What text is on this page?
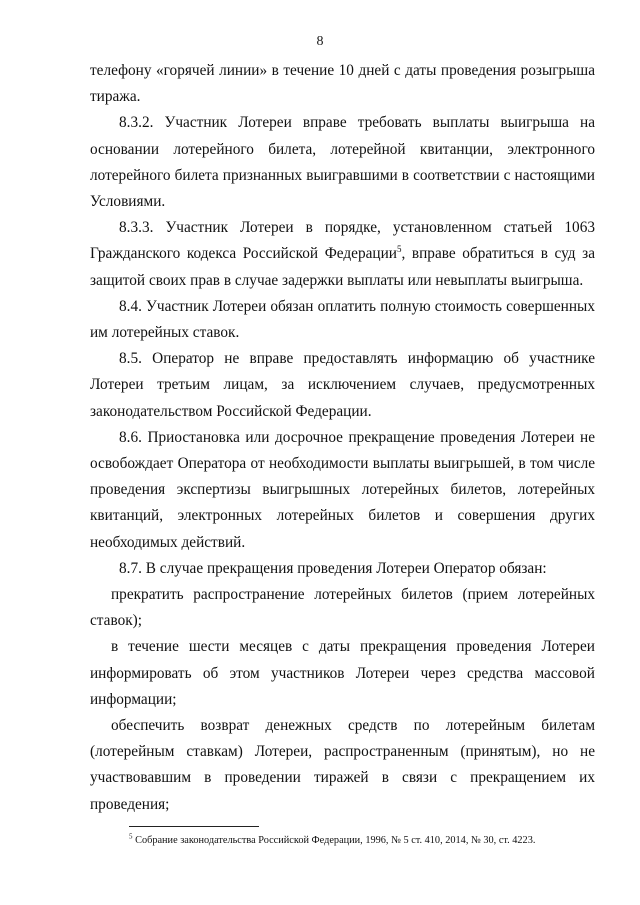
8

телефону «горячей линии» в течение 10 дней с даты проведения розыгрыша тиража.

8.3.2. Участник Лотереи вправе требовать выплаты выигрыша на основании лотерейного билета, лотерейной квитанции, электронного лотерейного билета признанных выигравшими в соответствии с настоящими Условиями.

8.3.3. Участник Лотереи в порядке, установленном статьей 1063 Гражданского кодекса Российской Федерации$^5$, вправе обратиться в суд за защитой своих прав в случае задержки выплаты или невыплаты выигрыша.

8.4. Участник Лотереи обязан оплатить полную стоимость совершенных им лотерейных ставок.

8.5. Оператор не вправе предоставлять информацию об участнике Лотереи третьим лицам, за исключением случаев, предусмотренных законодательством Российской Федерации.

8.6. Приостановка или досрочное прекращение проведения Лотереи не освобождает Оператора от необходимости выплаты выигрышей, в том числе проведения экспертизы выигрышных лотерейных билетов, лотерейных квитанций, электронных лотерейных билетов и совершения других необходимых действий.

8.7. В случае прекращения проведения Лотереи Оператор обязан:

прекратить распространение лотерейных билетов (прием лотерейных ставок);

в течение шести месяцев с даты прекращения проведения Лотереи информировать об этом участников Лотереи через средства массовой информации;

обеспечить возврат денежных средств по лотерейным билетам (лотерейным ставкам) Лотереи, распространенным (принятым), но не участвовавшим в проведении тиражей в связи с прекращением их проведения;

$^5$ Собрание законодательства Российской Федерации, 1996, № 5 ст. 410, 2014, № 30, ст. 4223.
